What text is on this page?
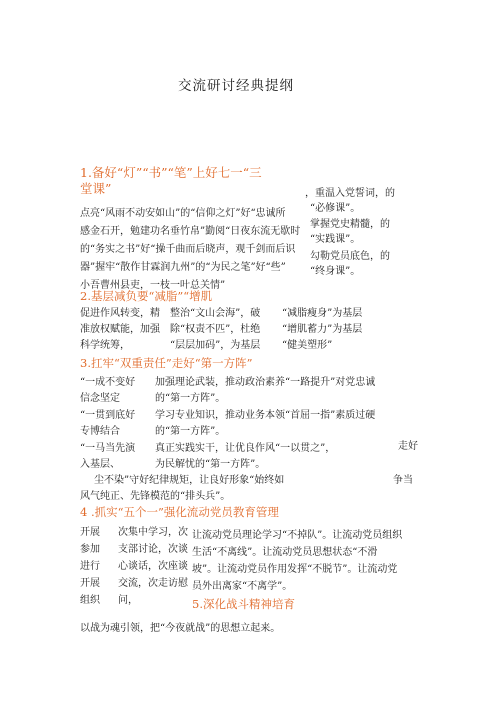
交流研讨经典提纲
1.备好“灯”“书”“笔”上好七一“三
堂课”
点亮“风雨不动安如山”的“信仰之灯”好“忠诚所
感金石开，勉建功名垂竹帛”勤阅“日夜东流无歇时
的“务实之书”好“操千曲而后晓声，观千剑而后识
器”握牢“散作甘霖润九州”的“为民之笔”好“些”
小吾曹州县吏，一枝一叶总关情”
，重温入党誓词，的
“必修课”。
掌握党史精髓，的
“实践课”。
勾勒党员底色，的
“终身课”。
2.基层减负要“减脂”“增肌
促进作风转变，精
准放权赋能，加强
科学统筹，
整治“文山会海”，破
除“权责不匹”，杜绝
“层层加码”，为基层
“减脂瘦身”为基层
“增肌蓄力”为基层
“健美塑形”
3.扛牢“双重责任”走好“第一方阵”
“一成不变好
信念坚定
“一贯到底好
专博结合
“一马当先演
入基层、
加强理论武装，推动政治素养“一路提升”对党忠诚
的“第一方阵”。
学习专业知识，推动业务本领“首屈一指”素质过硬
的“第一方阵”。
真正实践实干，让优良作风“一以贯之”，
为民解忧的“第一方阵”。
走好
尘不染”守好纪律规矩，让良好形象“始终如	争当
风气纯正、先锋模范的“排头兵”。
4 .抓实“五个一”强化流动党员教育管理
开展
参加
进行
开展
组织
次集中学习，次
支部讨论，次谈
心谈话，次座谈
交流，次走访慰
问，
让流动党员理论学习“不掉队”。让流动党员组织
生活“不离线”。让流动党员思想状态“不滑
坡”。让流动党员作用发挥“不脱节”。让流动党
员外出离家“不离学”。
5.深化战斗精神培育
以战为魂引领，把“今夜就战”的思想立起来。
